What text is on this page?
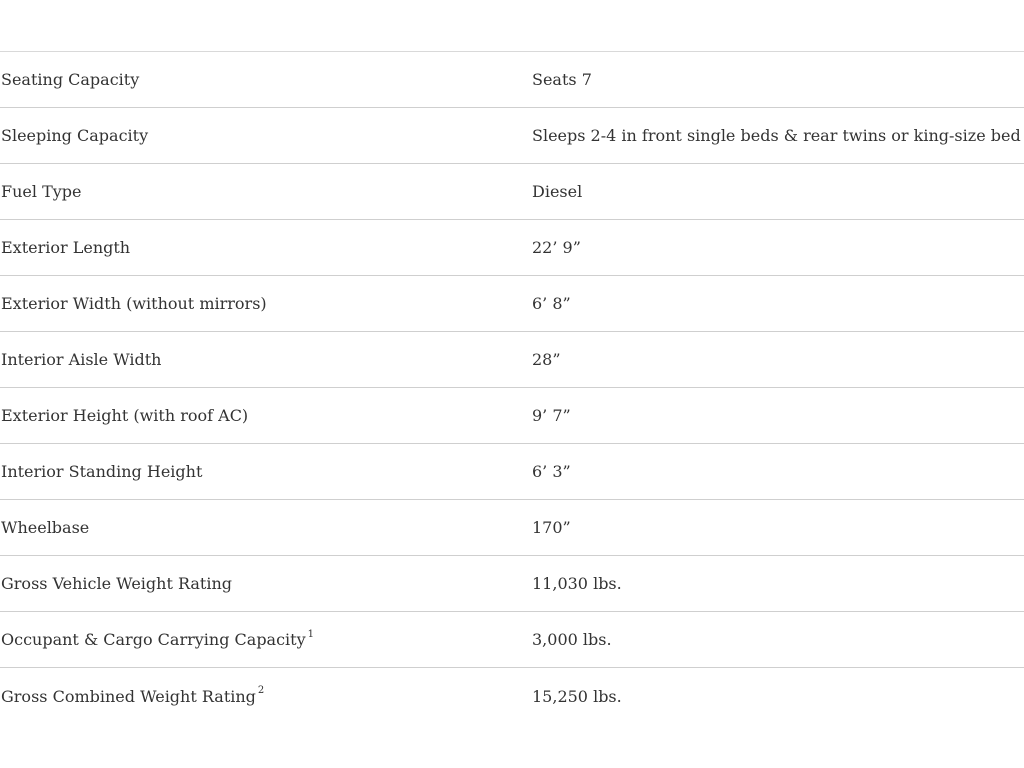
Seating Capacity	Seats 7
Sleeping Capacity	Sleeps 2-4 in front single beds & rear twins or king-size bed
Fuel Type	Diesel
Exterior Length	22’ 9”
Exterior Width (without mirrors)	6’ 8”
Interior Aisle Width	28”
Exterior Height (with roof AC)	9’ 7”
Interior Standing Height	6’ 3”
Wheelbase	170”
Gross Vehicle Weight Rating	11,030 lbs.
Occupant & Cargo Carrying Capacity $^1$	3,000 lbs.
Gross Combined Weight Rating $^2$	15,250 lbs.
